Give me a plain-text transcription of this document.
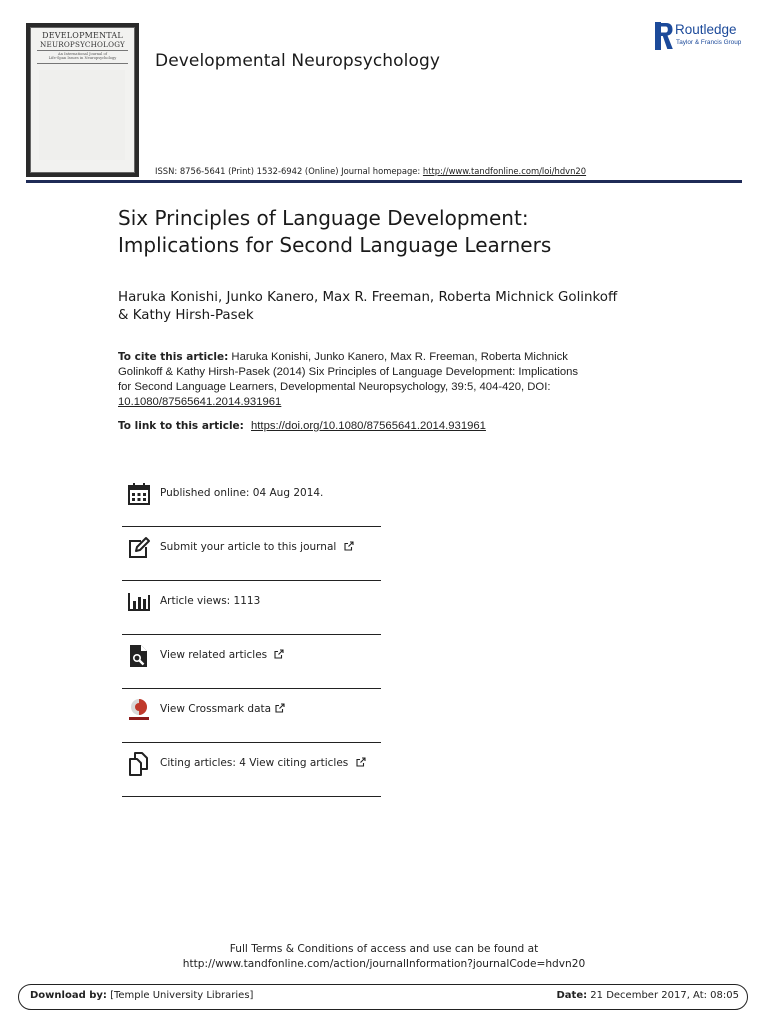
DEVELOPMENTAL
NEUROPSYCHOLOGY
An International Journal of
Life-Span Issues in Neuropsychology	Developmental Neuropsychology
Routledge
Taylor & Francis Group
ISSN: 8756-5641 (Print) 1532-6942 (Online) Journal homepage: http://www.tandfonline.com/loi/hdvn20
Six Principles of Language Development:
Implications for Second Language Learners
Haruka Konishi, Junko Kanero, Max R. Freeman, Roberta Michnick Golinkoff
& Kathy Hirsh-Pasek
To cite this article: Haruka Konishi, Junko Kanero, Max R. Freeman, Roberta Michnick
Golinkoff & Kathy Hirsh-Pasek (2014) Six Principles of Language Development: Implications
for Second Language Learners, Developmental Neuropsychology, 39:5, 404-420, DOI:
10.1080/87565641.2014.931961
To link to this article: https://doi.org/10.1080/87565641.2014.931961
Published online: 04 Aug 2014.
Submit your article to this journal
Article views: 1113
View related articles
View Crossmark data
Citing articles: 4 View citing articles
Full Terms & Conditions of access and use can be found at
http://www.tandfonline.com/action/journalInformation?journalCode=hdvn20
Download by: [Temple University Libraries]	Date: 21 December 2017, At: 08:05
